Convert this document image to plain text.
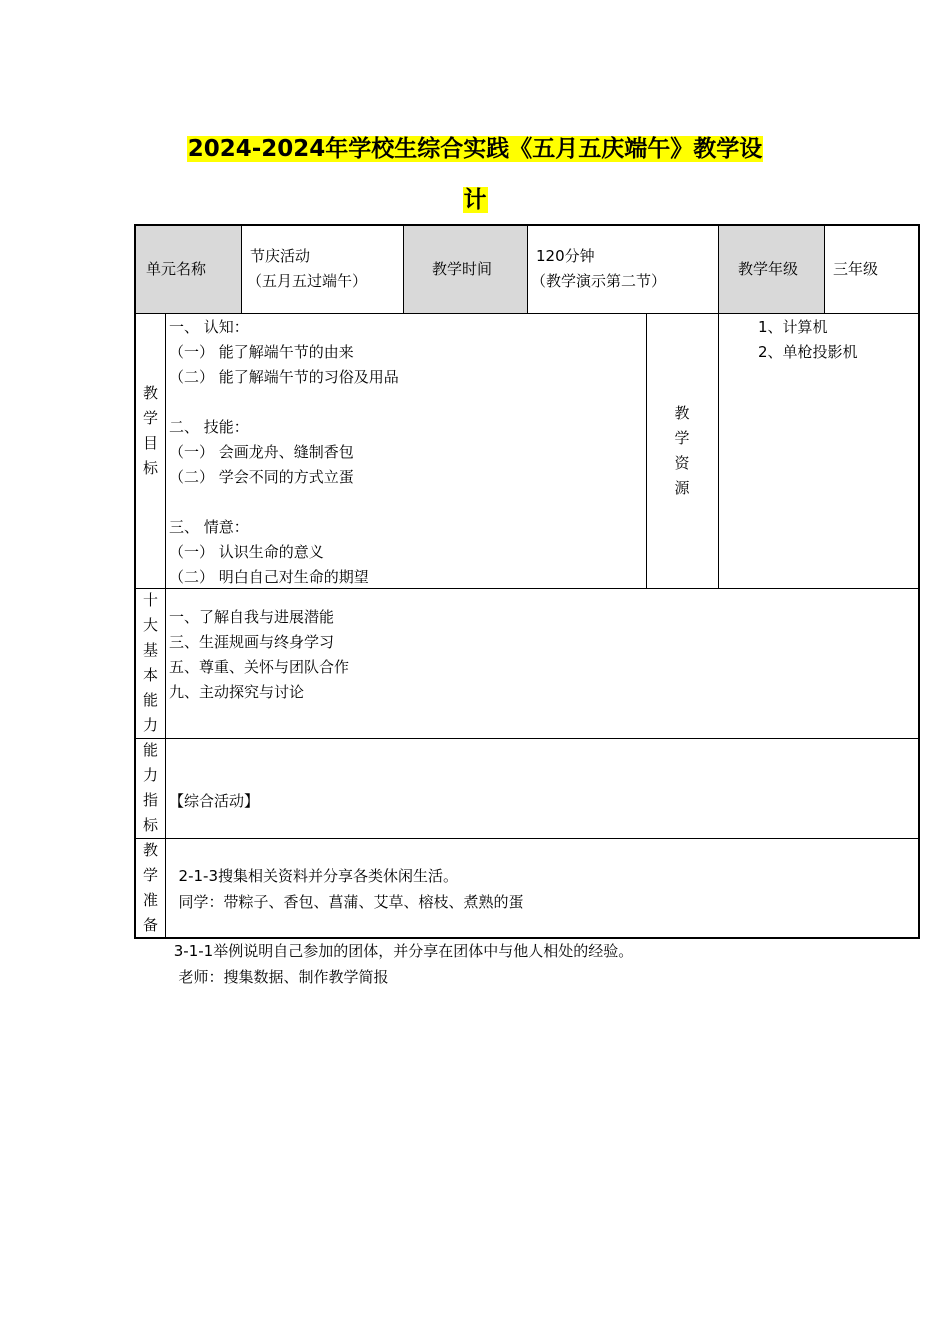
2024-2024年学校生综合实践《五月五庆端午》教学设
计
单元名称
节庆活动
（五月五过端午）
教学时间
120分钟
（教学演示第二节）
教学年级 三年级
教
学
目
标
一、 认知：
（一） 能了解端午节的由来
（二） 能了解端午节的习俗及用品
二、 技能：
（一） 会画龙舟、缝制香包
（二） 学会不同的方式立蛋
三、 情意：
（一） 认识生命的意义
（二） 明白自己对生命的期望
教
学
资
源
1、计算机
2、单枪投影机
十
大
基
本
能
力
一、了解自我与进展潜能
三、生涯规画与终身学习
五、尊重、关怀与团队合作
九、主动探究与讨论
能
力
指
标

【综合活动】

2-1-3搜集相关资料并分享各类休闲生活。

3-1-1举例说明自己参加的团体，并分享在团体中与他人相处的经验。

教
学
准
备

同学：带粽子、香包、菖蒲、艾草、榕枝、煮熟的蛋

老师：搜集数据、制作教学简报
